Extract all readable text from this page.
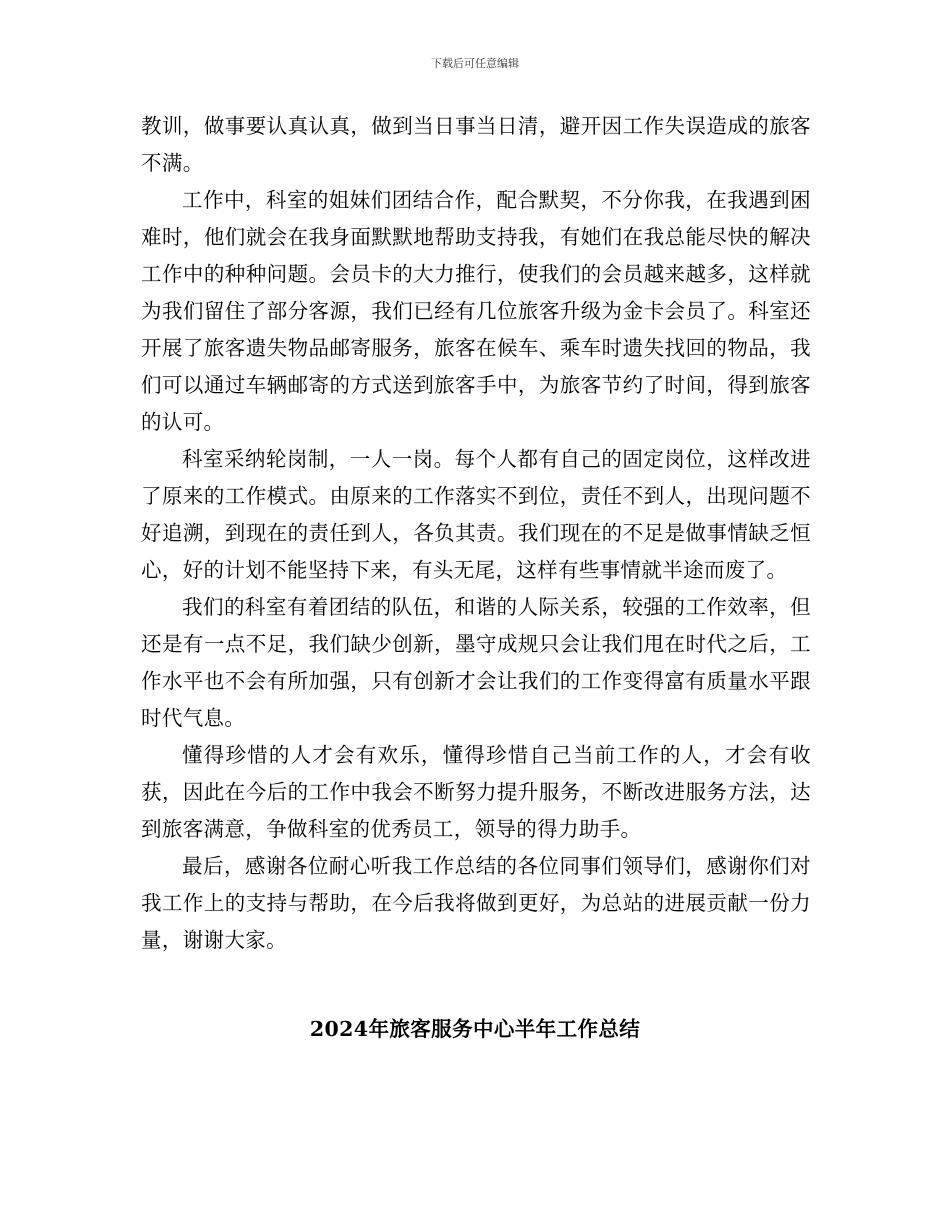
下载后可任意编辑

教训，做事要认真认真，做到当日事当日清，避开因工作失误造成的旅客不满。

工作中，科室的姐妹们团结合作，配合默契，不分你我，在我遇到困难时，他们就会在我身面默默地帮助支持我，有她们在我总能尽快的解决工作中的种种问题。会员卡的大力推行，使我们的会员越来越多，这样就为我们留住了部分客源，我们已经有几位旅客升级为金卡会员了。科室还开展了旅客遗失物品邮寄服务，旅客在候车、乘车时遗失找回的物品，我们可以通过车辆邮寄的方式送到旅客手中，为旅客节约了时间，得到旅客的认可。

科室采纳轮岗制，一人一岗。每个人都有自己的固定岗位，这样改进了原来的工作模式。由原来的工作落实不到位，责任不到人，出现问题不好追溯，到现在的责任到人，各负其责。我们现在的不足是做事情缺乏恒心，好的计划不能坚持下来，有头无尾，这样有些事情就半途而废了。

我们的科室有着团结的队伍，和谐的人际关系，较强的工作效率，但还是有一点不足，我们缺少创新，墨守成规只会让我们甩在时代之后，工作水平也不会有所加强，只有创新才会让我们的工作变得富有质量水平跟时代气息。

懂得珍惜的人才会有欢乐，懂得珍惜自己当前工作的人，才会有收获，因此在今后的工作中我会不断努力提升服务，不断改进服务方法，达到旅客满意，争做科室的优秀员工，领导的得力助手。

最后，感谢各位耐心听我工作总结的各位同事们领导们，感谢你们对我工作上的支持与帮助，在今后我将做到更好，为总站的进展贡献一份力量，谢谢大家。

2024年旅客服务中心半年工作总结
